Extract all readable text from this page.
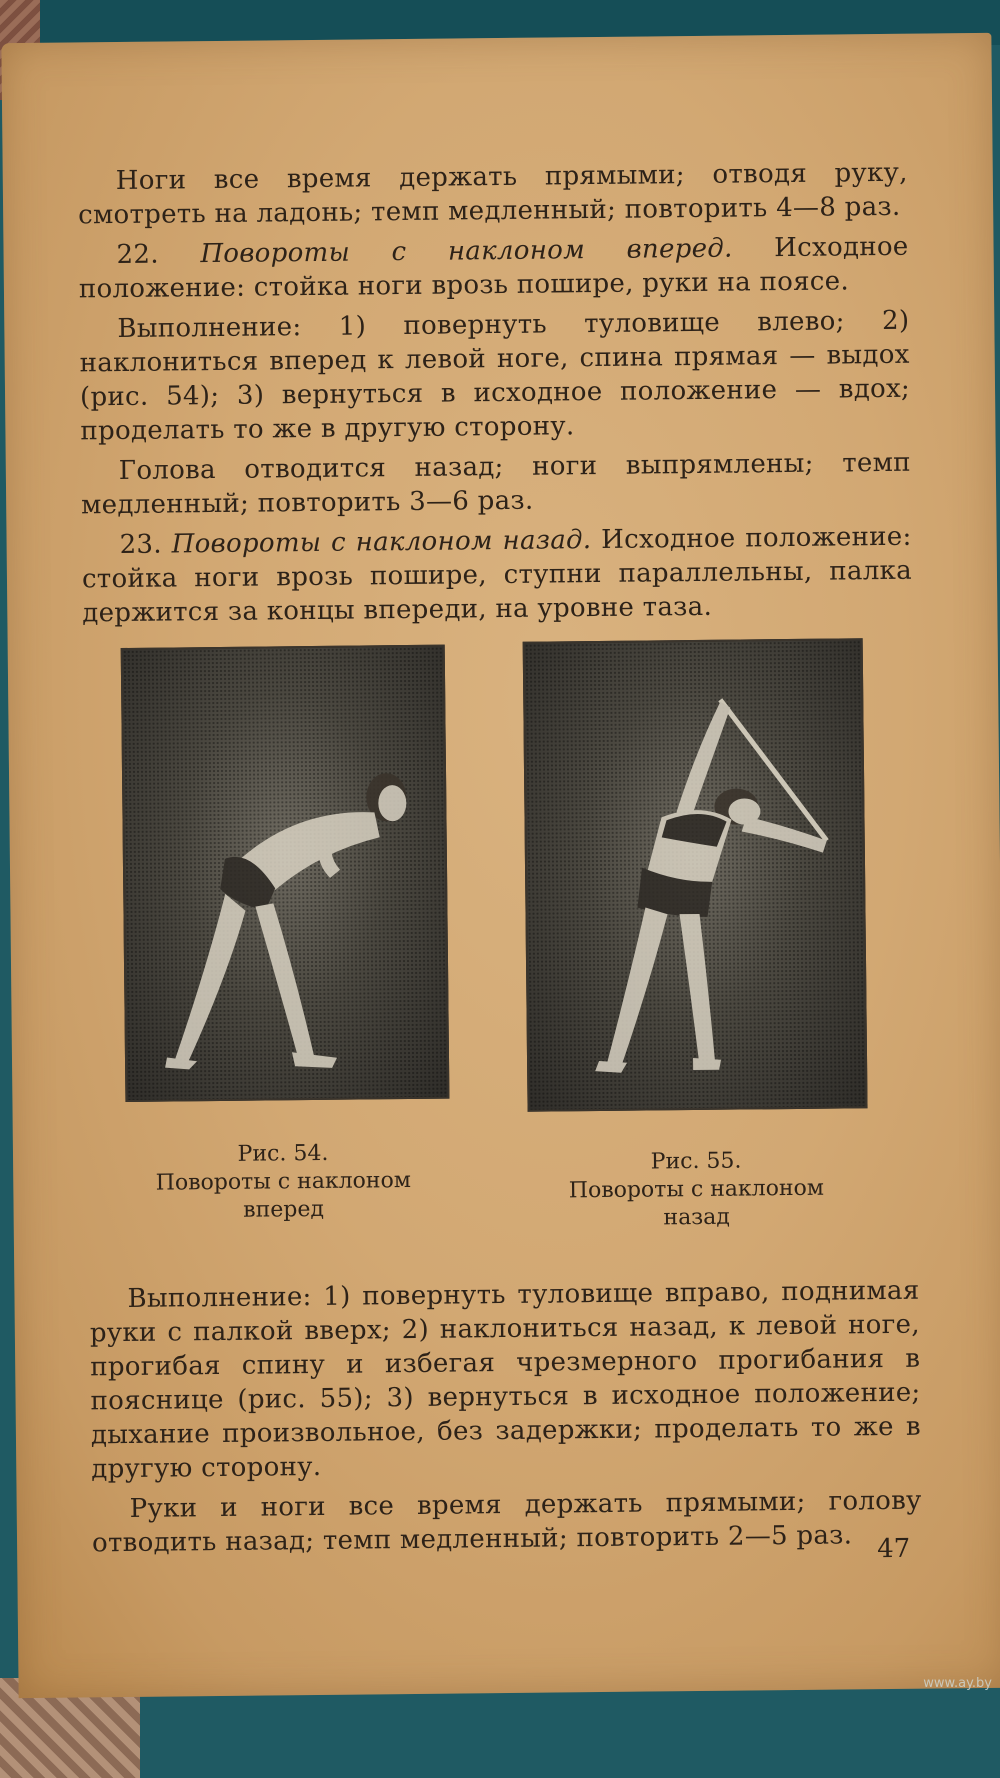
Ноги все время держать прямыми; отводя руку, смотреть на ладонь; темп медленный; повторить 4—8 раз.

22. Повороты с наклоном вперед. Исходное положение: стойка ноги врозь пошире, руки на поясе.

Выполнение: 1) повернуть туловище влево; 2) наклониться вперед к левой ноге, спина прямая — выдох (рис. 54); 3) вернуться в исходное положение — вдох; проделать то же в другую сторону.

Голова отводится назад; ноги выпрямлены; темп медленный; повторить 3—6 раз.

23. Повороты с наклоном назад. Исходное положение: стойка ноги врозь пошире, ступни параллельны, палка держится за концы впереди, на уровне таза.

Рис. 54.
Повороты с наклоном
вперед
Рис. 55.
Повороты с наклоном
назад

Выполнение: 1) повернуть туловище вправо, поднимая руки с палкой вверх; 2) наклониться назад, к левой ноге, прогибая спину и избегая чрезмерного прогибания в пояснице (рис. 55); 3) вернуться в исходное положение; дыхание произвольное, без задержки; проделать то же в другую сторону.

Руки и ноги все время держать прямыми; голову отводить назад; темп медленный; повторить 2—5 раз. 47
www.ay.by
